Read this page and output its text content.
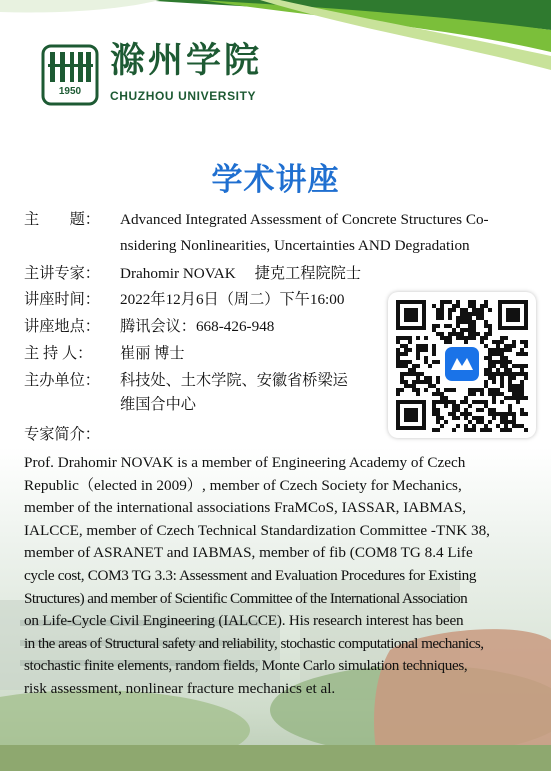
1950
滁州学院
CHUZHOU UNIVERSITY
学术讲座
主　　题： Advanced Integrated Assessment of Concrete Structures Co-
nsidering Nonlinearities, Uncertainties AND Degradation
主讲专家： Drahomir NOVAK　 捷克工程院院士
讲座时间： 2022年12月6日（周二）下午16:00
讲座地点： 腾讯会议：668-426-948
主 持 人： 崔丽 博士
主办单位： 科技处、土木学院、安徽省桥梁运
维国合中心
专家简介：
Prof. Drahomir NOVAK is a member of Engineering Academy of Czech
Republic（elected in 2009）, member of Czech Society for Mechanics,
member of the international associations FraMCoS, IASSAR, IABMAS,
IALCCE, member of Czech Technical Standardization Committee -TNK 38,
member of ASRANET and IABMAS, member of fib (COM8 TG 8.4 Life
cycle cost, COM3 TG 3.3: Assessment and Evaluation Procedures for Existing
Structures) and member of Scientific Committee of the International Association
on Life-Cycle Civil Engineering (IALCCE). His research interest has been
in the areas of Structural safety and reliability, stochastic computational mechanics,
stochastic finite elements, random fields, Monte Carlo simulation techniques,
risk assessment, nonlinear fracture mechanics et al.
